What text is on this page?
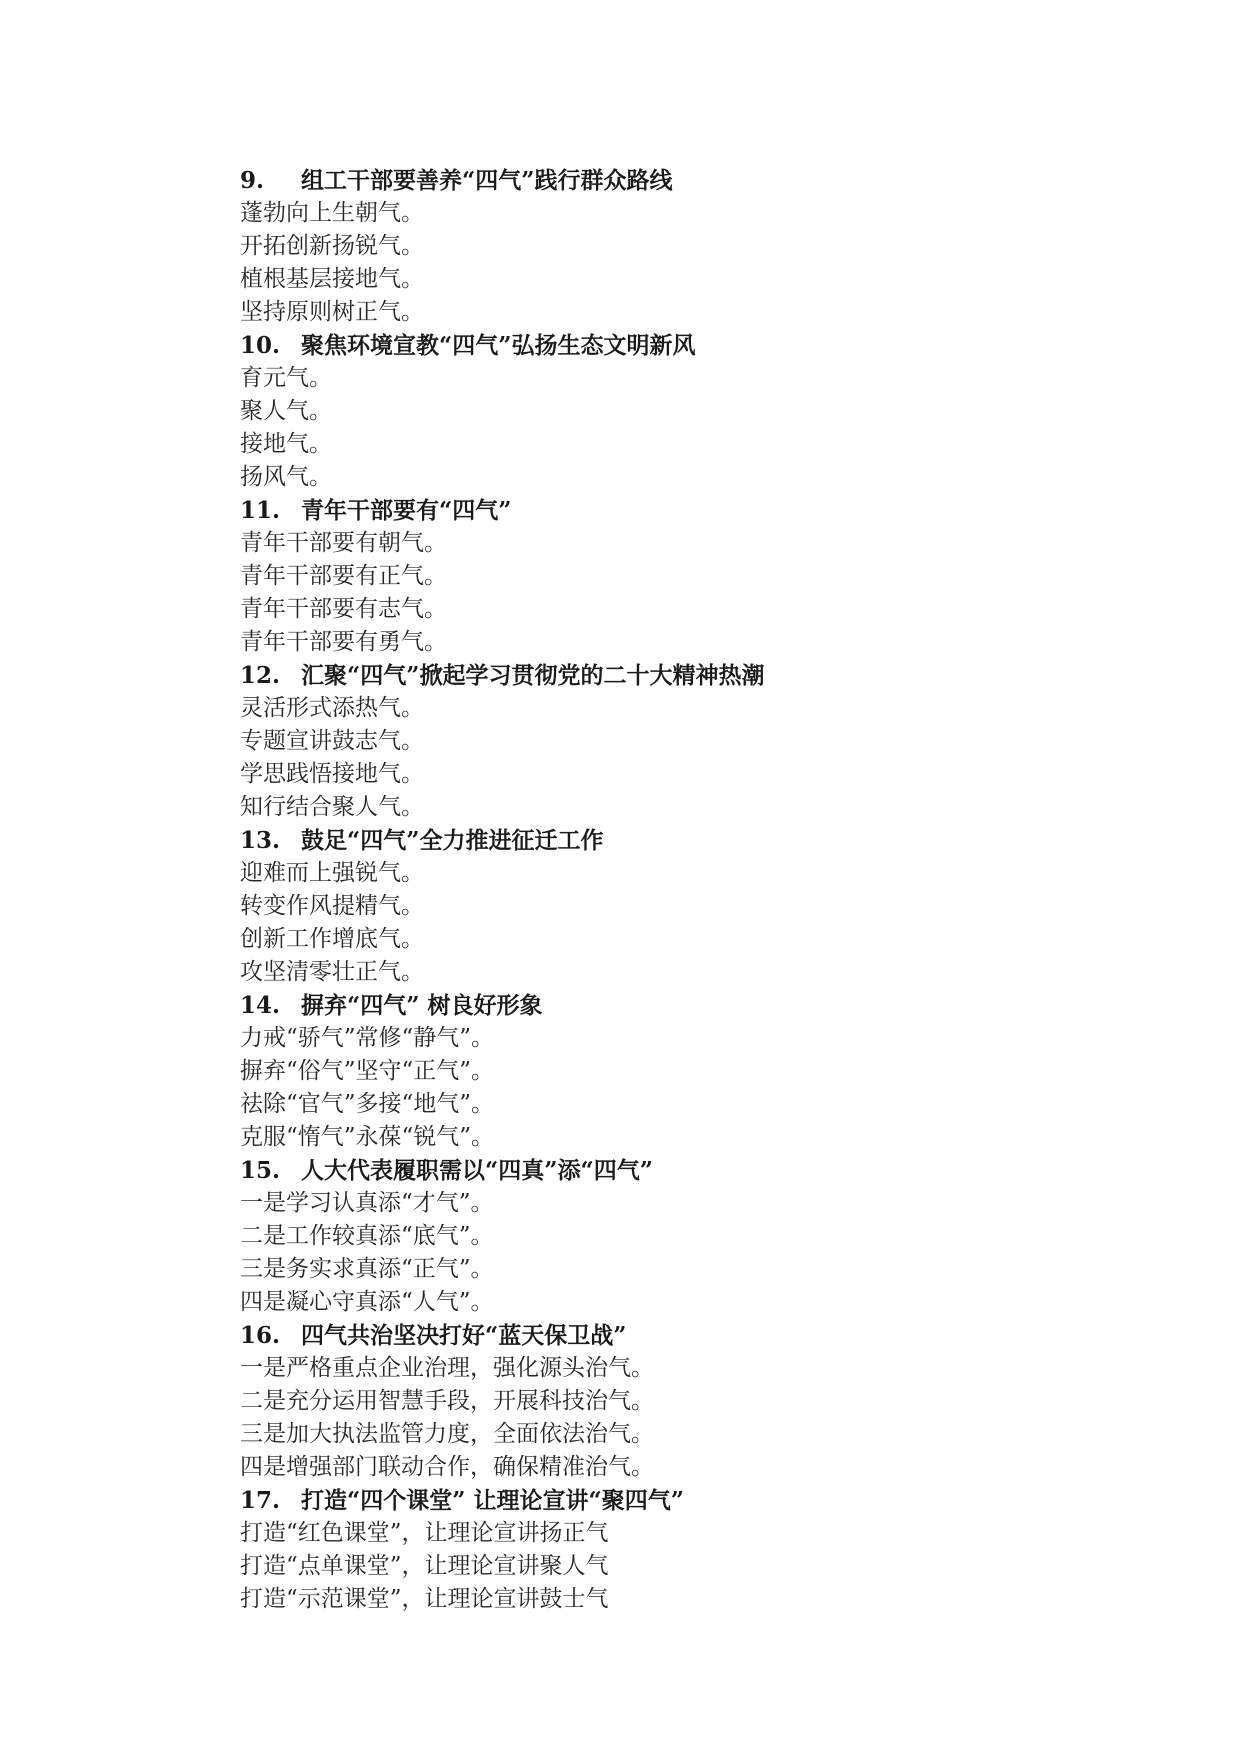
9.	组工干部要善养“四气”践行群众路线
蓬勃向上生朝气。
开拓创新扬锐气。
植根基层接地气。
坚持原则树正气。
10. 聚焦环境宣教“四气”弘扬生态文明新风
育元气。
聚人气。
接地气。
扬风气。
11. 青年干部要有“四气”
青年干部要有朝气。
青年干部要有正气。
青年干部要有志气。
青年干部要有勇气。
12. 汇聚“四气”掀起学习贯彻党的二十大精神热潮
灵活形式添热气。
专题宣讲鼓志气。
学思践悟接地气。
知行结合聚人气。
13. 鼓足“四气”全力推进征迁工作
迎难而上强锐气。
转变作风提精气。
创新工作增底气。
攻坚清零壮正气。
14. 摒弃“四气” 树良好形象
力戒“骄气”常修“静气”。
摒弃“俗气”坚守“正气”。
祛除“官气”多接“地气”。
克服“惰气”永葆“锐气”。
15. 人大代表履职需以“四真”添“四气”
一是学习认真添“才气”。
二是工作较真添“底气”。
三是务实求真添“正气”。
四是凝心守真添“人气”。
16. 四气共治坚决打好“蓝天保卫战”
一是严格重点企业治理，强化源头治气。
二是充分运用智慧手段，开展科技治气。
三是加大执法监管力度，全面依法治气。
四是增强部门联动合作，确保精准治气。
17. 打造“四个课堂” 让理论宣讲“聚四气”
打造“红色课堂”，让理论宣讲扬正气
打造“点单课堂”，让理论宣讲聚人气
打造“示范课堂”，让理论宣讲鼓士气
